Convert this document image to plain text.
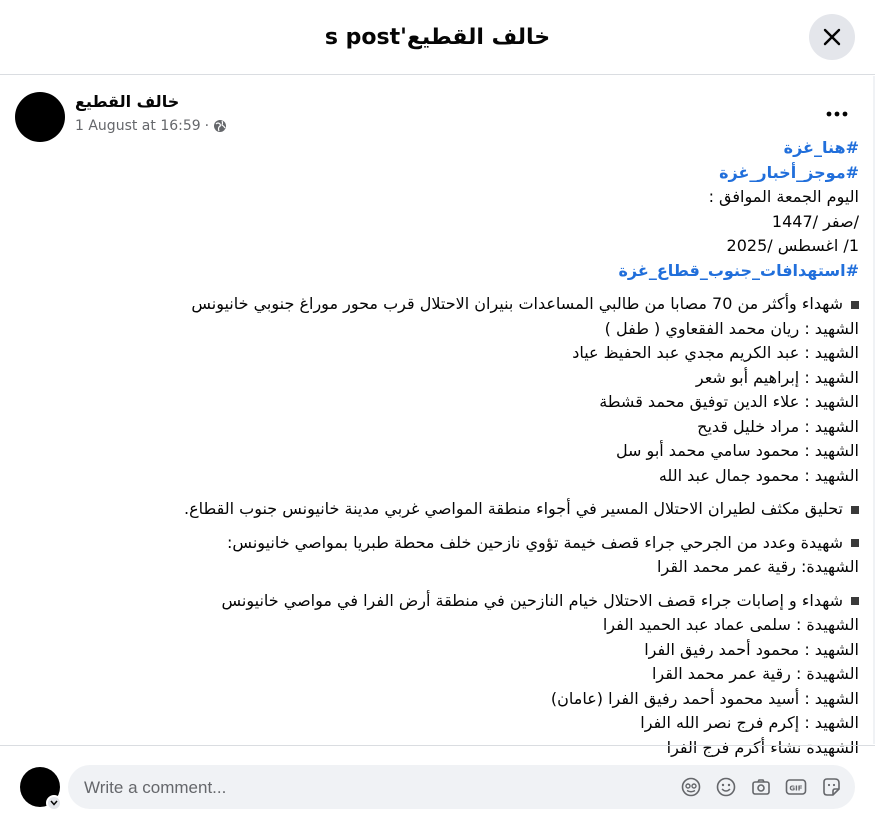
خالف القطيع's post
خالف القطيع
1 August at 16:59 ·
#هنا_غزة
#موجز_أخبار_غزة
اليوم الجمعة الموافق :
/صفر /1447
1/ اغسطس /2025
#استهدافات_جنوب_قطاع_غزة
شهداء وأكثر من 70 مصابا من طالبي المساعدات بنيران الاحتلال قرب محور موراغ جنوبي خانيونس
الشهيد : ريان محمد الفقعاوي ( طفل )
الشهيد : عبد الكريم مجدي عبد الحفيظ عياد
الشهيد : إبراهيم أبو شعر
الشهيد : علاء الدين توفيق محمد قشطة
الشهيد : مراد خليل قديح
الشهيد : محمود سامي محمد أبو سل
الشهيد : محمود جمال عبد الله
تحليق مكثف لطيران الاحتلال المسير في أجواء منطقة المواصي غربي مدينة خانيونس جنوب القطاع.
شهيدة وعدد من الجرحي جراء قصف خيمة تؤوي نازحين خلف محطة طبريا بمواصي خانيونس:
الشهيدة: رقية عمر محمد القرا
شهداء و إصابات جراء قصف الاحتلال خيام النازحين في منطقة أرض الفرا في مواصي خانيونس
الشهيدة : سلمى عماد عبد الحميد الفرا
الشهيد : محمود أحمد رفيق الفرا
الشهيدة : رقية عمر محمد القرا
الشهيد : أسيد محمود أحمد رفيق الفرا (عامان)
الشهيد : إكرم فرج نصر الله الفرا
الشهيدة نشاء أكرم فرج الفرا
Write a comment...
GIF
